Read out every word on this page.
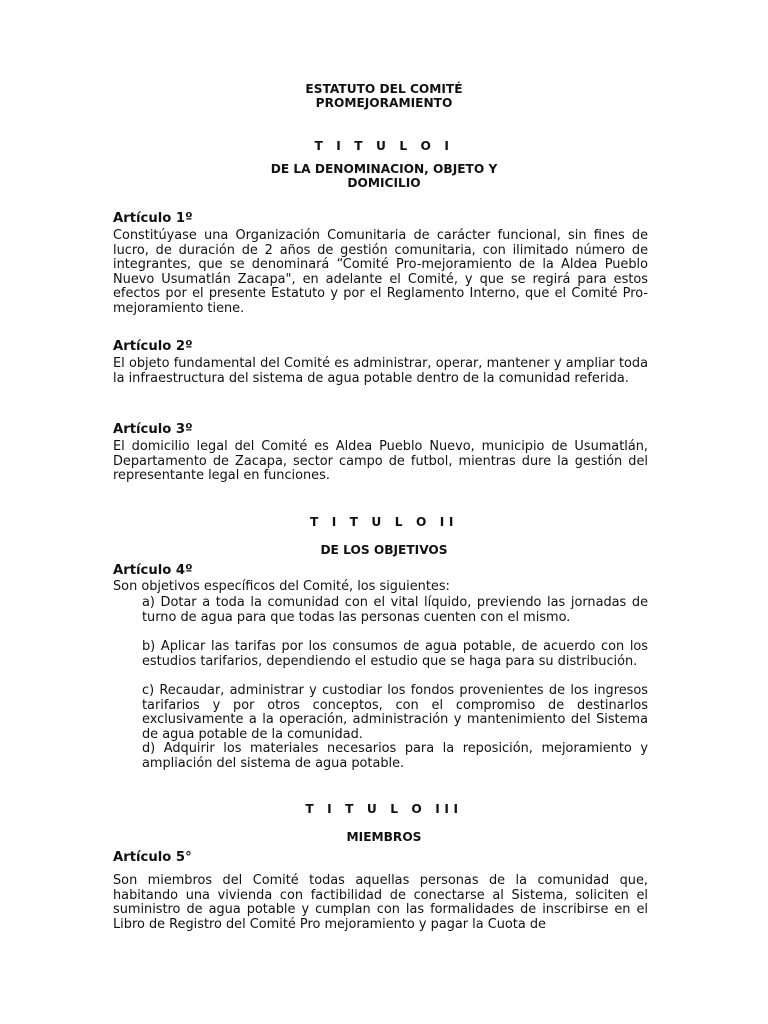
ESTATUTO DEL COMITÉ
PROMEJORAMIENTO
T I T U L O I
DE LA DENOMINACION, OBJETO Y
DOMICILIO
Artículo 1º
Constitúyase una Organización Comunitaria de carácter funcional, sin fines de lucro, de duración de 2 años de gestión comunitaria, con ilimitado número de integrantes, que se denominará “Comité Pro-mejoramiento de la Aldea Pueblo Nuevo Usumatlán Zacapa", en adelante el Comité, y que se regirá para estos efectos por el presente Estatuto y por el Reglamento Interno, que el Comité Pro-mejoramiento tiene.
Artículo 2º
El objeto fundamental del Comité es administrar, operar, mantener y ampliar toda la infraestructura del sistema de agua potable dentro de la comunidad referida.
Artículo 3º
El domicilio legal del Comité es Aldea Pueblo Nuevo, municipio de Usumatlán, Departamento de Zacapa, sector campo de futbol, mientras dure la gestión del representante legal en funciones.
T I T U L O II
DE LOS OBJETIVOS
Artículo 4º
Son objetivos específicos del Comité, los siguientes:
a) Dotar a toda la comunidad con el vital líquido, previendo las jornadas de turno de agua para que todas las personas cuenten con el mismo.
b) Aplicar las tarifas por los consumos de agua potable, de acuerdo con los estudios tarifarios, dependiendo el estudio que se haga para su distribución.
c) Recaudar, administrar y custodiar los fondos provenientes de los ingresos tarifarios y por otros conceptos, con el compromiso de destinarlos exclusivamente a la operación, administración y mantenimiento del Sistema de agua potable de la comunidad.
d) Adquirir los materiales necesarios para la reposición, mejoramiento y ampliación del sistema de agua potable.
T I T U L O III
MIEMBROS
Artículo 5°
Son miembros del Comité todas aquellas personas de la comunidad que, habitando una vivienda con factibilidad de conectarse al Sistema, soliciten el suministro de agua potable y cumplan con las formalidades de inscribirse en el Libro de Registro del Comité Pro mejoramiento y pagar la Cuota de
